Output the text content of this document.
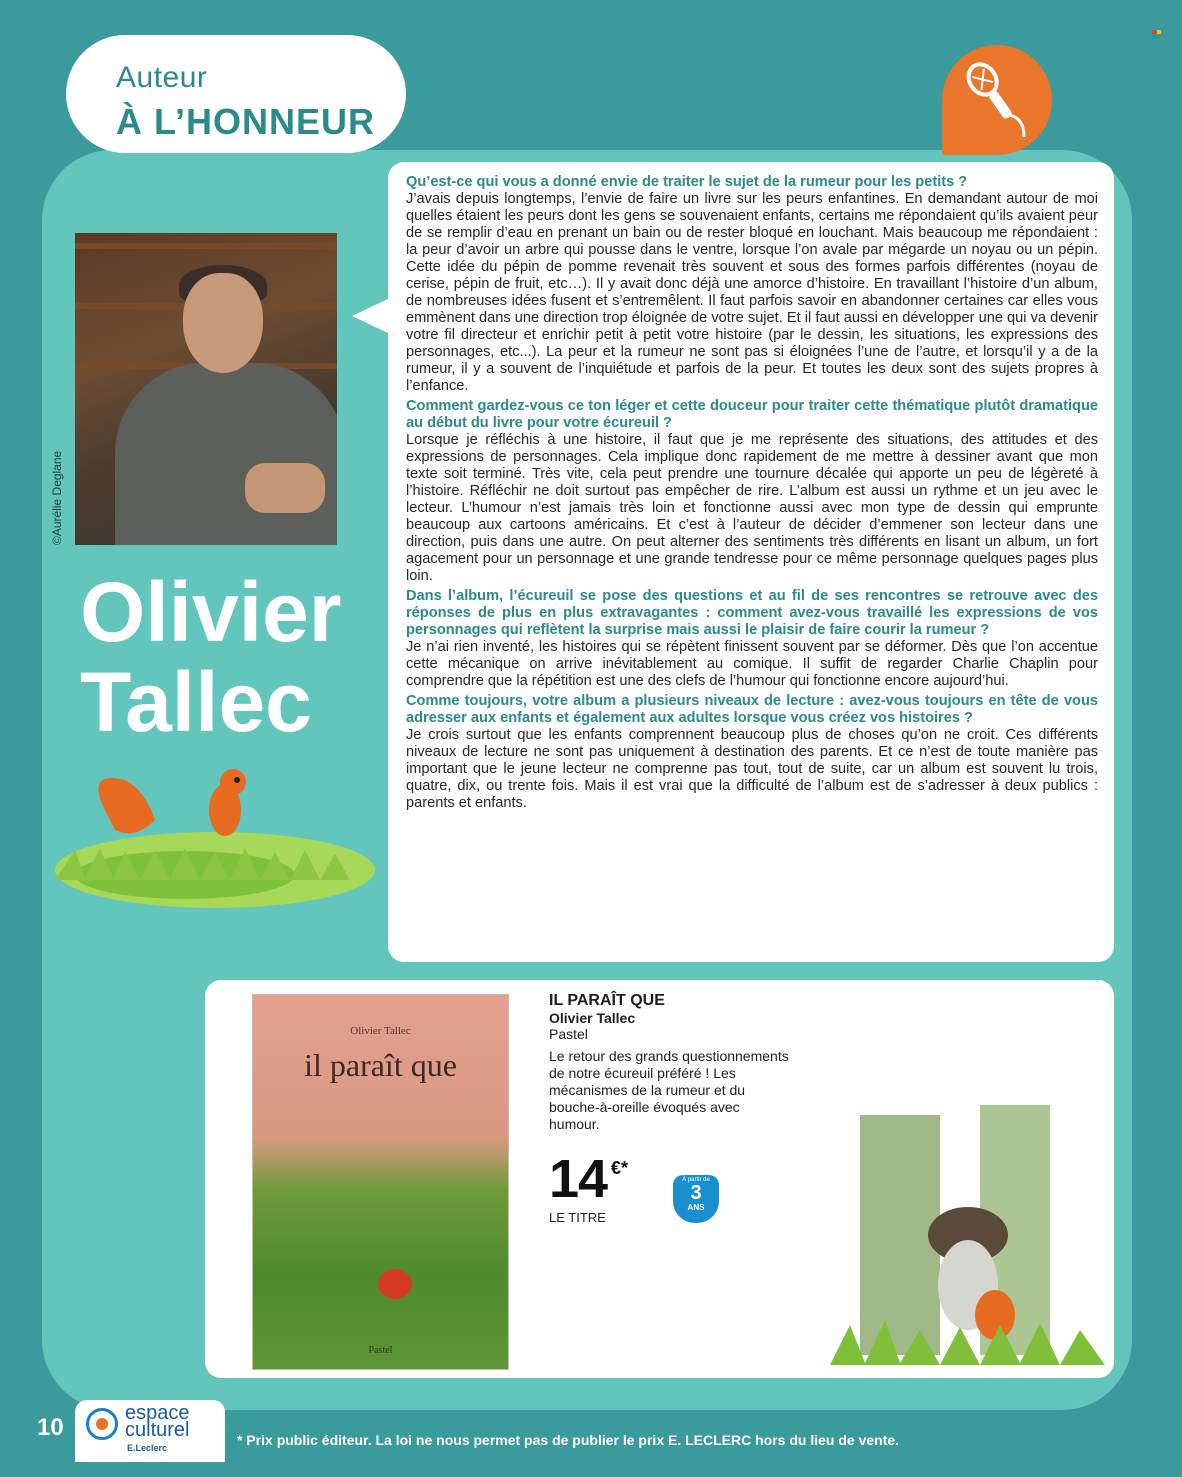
Auteur
À L’HONNEUR
©Aurélie Deglane
Olivier
Tallec

Qu’est-ce qui vous a donné envie de traiter le sujet de la rumeur pour les petits ?

J’avais depuis longtemps, l’envie de faire un livre sur les peurs enfantines. En demandant autour de moi quelles étaient les peurs dont les gens se souvenaient enfants, certains me répondaient qu’ils avaient peur de se remplir d’eau en prenant un bain ou de rester bloqué en louchant. Mais beaucoup me répondaient : la peur d’avoir un arbre qui pousse dans le ventre, lorsque l’on avale par mégarde un noyau ou un pépin. Cette idée du pépin de pomme revenait très souvent et sous des formes parfois différentes (noyau de cerise, pépin de fruit, etc…). Il y avait donc déjà une amorce d’histoire. En travaillant l’histoire d’un album, de nombreuses idées fusent et s’entremêlent. Il faut parfois savoir en abandonner certaines car elles vous emmènent dans une direction trop éloignée de votre sujet. Et il faut aussi en développer une qui va devenir votre fil directeur et enrichir petit à petit votre histoire (par le dessin, les situations, les expressions des personnages, etc...). La peur et la rumeur ne sont pas si éloignées l’une de l’autre, et lorsqu’il y a de la rumeur, il y a souvent de l’inquiétude et parfois de la peur. Et toutes les deux sont des sujets propres à l’enfance.

Comment gardez-vous ce ton léger et cette douceur pour traiter cette thématique plutôt dramatique au début du livre pour votre écureuil ?

Lorsque je réfléchis à une histoire, il faut que je me représente des situations, des attitudes et des expressions de personnages. Cela implique donc rapidement de me mettre à dessiner avant que mon texte soit terminé. Très vite, cela peut prendre une tournure décalée qui apporte un peu de légèreté à l’histoire. Réfléchir ne doit surtout pas empêcher de rire. L’album est aussi un rythme et un jeu avec le lecteur. L’humour n’est jamais très loin et fonctionne aussi avec mon type de dessin qui emprunte beaucoup aux cartoons américains. Et c’est à l’auteur de décider d’emmener son lecteur dans une direction, puis dans une autre. On peut alterner des sentiments très différents en lisant un album, un fort agacement pour un personnage et une grande tendresse pour ce même personnage quelques pages plus loin.

Dans l’album, l’écureuil se pose des questions et au fil de ses rencontres se retrouve avec des réponses de plus en plus extravagantes : comment avez-vous travaillé les expressions de vos personnages qui reflètent la surprise mais aussi le plaisir de faire courir la rumeur ?

Je n’ai rien inventé, les histoires qui se répètent finissent souvent par se déformer. Dès que l’on accentue cette mécanique on arrive inévitablement au comique. Il suffit de regarder Charlie Chaplin pour comprendre que la répétition est une des clefs de l’humour qui fonctionne encore aujourd’hui.

Comme toujours, votre album a plusieurs niveaux de lecture : avez-vous toujours en tête de vous adresser aux enfants et également aux adultes lorsque vous créez vos histoires ?

Je crois surtout que les enfants comprennent beaucoup plus de choses qu’on ne croit. Ces différents niveaux de lecture ne sont pas uniquement à destination des parents. Et ce n’est de toute manière pas important que le jeune lecteur ne comprenne pas tout, tout de suite, car un album est souvent lu trois, quatre, dix, ou trente fois. Mais il est vrai que la difficulté de l’album est de s’adresser à deux publics : parents et enfants.

Olivier Tallec
il paraît que
Pastel

IL PARAÎT QUE

Olivier Tallec

Pastel

Le retour des grands questionnements de notre écureuil préféré ! Les mécanismes de la rumeur et du bouche-à-oreille évoqués avec humour.

14 €*
LE TITRE
À partir de
3
ANS
10
espace
culturel
E.Leclerc	* Prix public éditeur. La loi ne nous permet pas de publier le prix E. LECLERC hors du lieu de vente.
